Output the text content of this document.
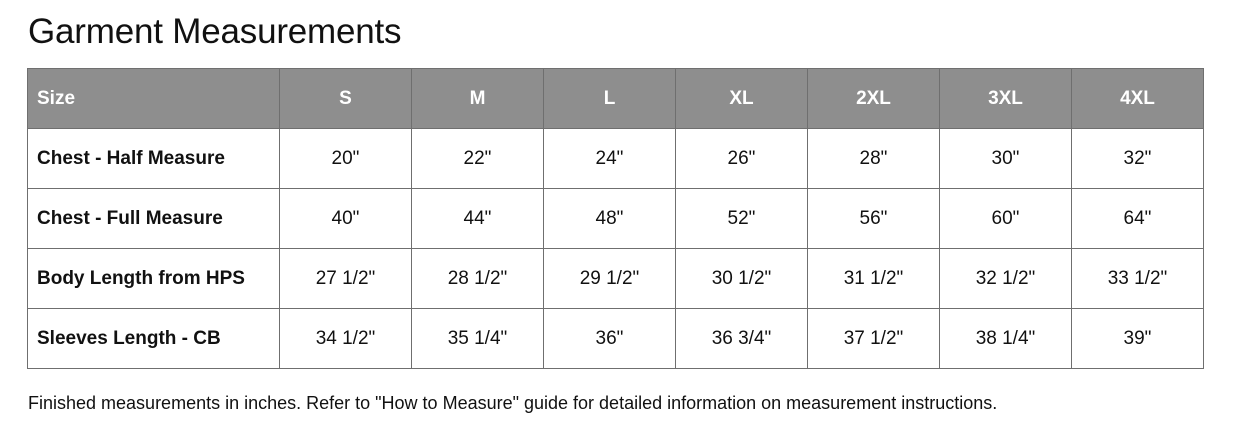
Garment Measurements
Size	S	M	L	XL	2XL	3XL	4XL
Chest - Half Measure	20"	22"	24"	26"	28"	30"	32"
Chest - Full Measure	40"	44"	48"	52"	56"	60"	64"
Body Length from HPS	27 1/2"	28 1/2"	29 1/2"	30 1/2"	31 1/2"	32 1/2"	33 1/2"
Sleeves Length - CB	34 1/2"	35 1/4"	36"	36 3/4"	37 1/2"	38 1/4"	39"
Finished measurements in inches. Refer to "How to Measure" guide for detailed information on measurement instructions.
